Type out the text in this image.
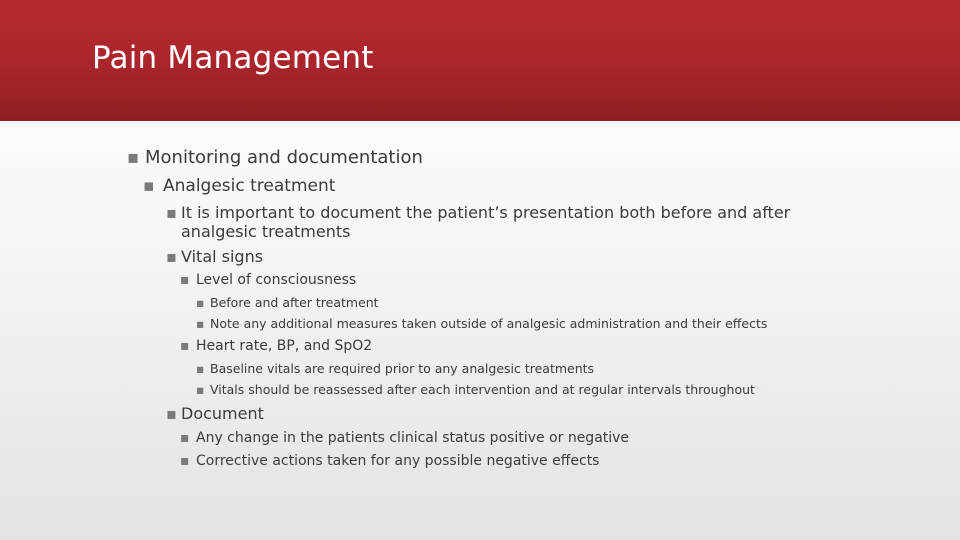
Pain Management
▪ Monitoring and documentation
▪ Analgesic treatment
▪ It is important to document the patient’s presentation both before and after analgesic treatments
▪ Vital signs
▪ Level of consciousness
▪ Before and after treatment
▪ Note any additional measures taken outside of analgesic administration and their effects
▪ Heart rate, BP, and SpO2
▪ Baseline vitals are required prior to any analgesic treatments
▪ Vitals should be reassessed after each intervention and at regular intervals throughout
▪ Document
▪ Any change in the patients clinical status positive or negative
▪ Corrective actions taken for any possible negative effects
